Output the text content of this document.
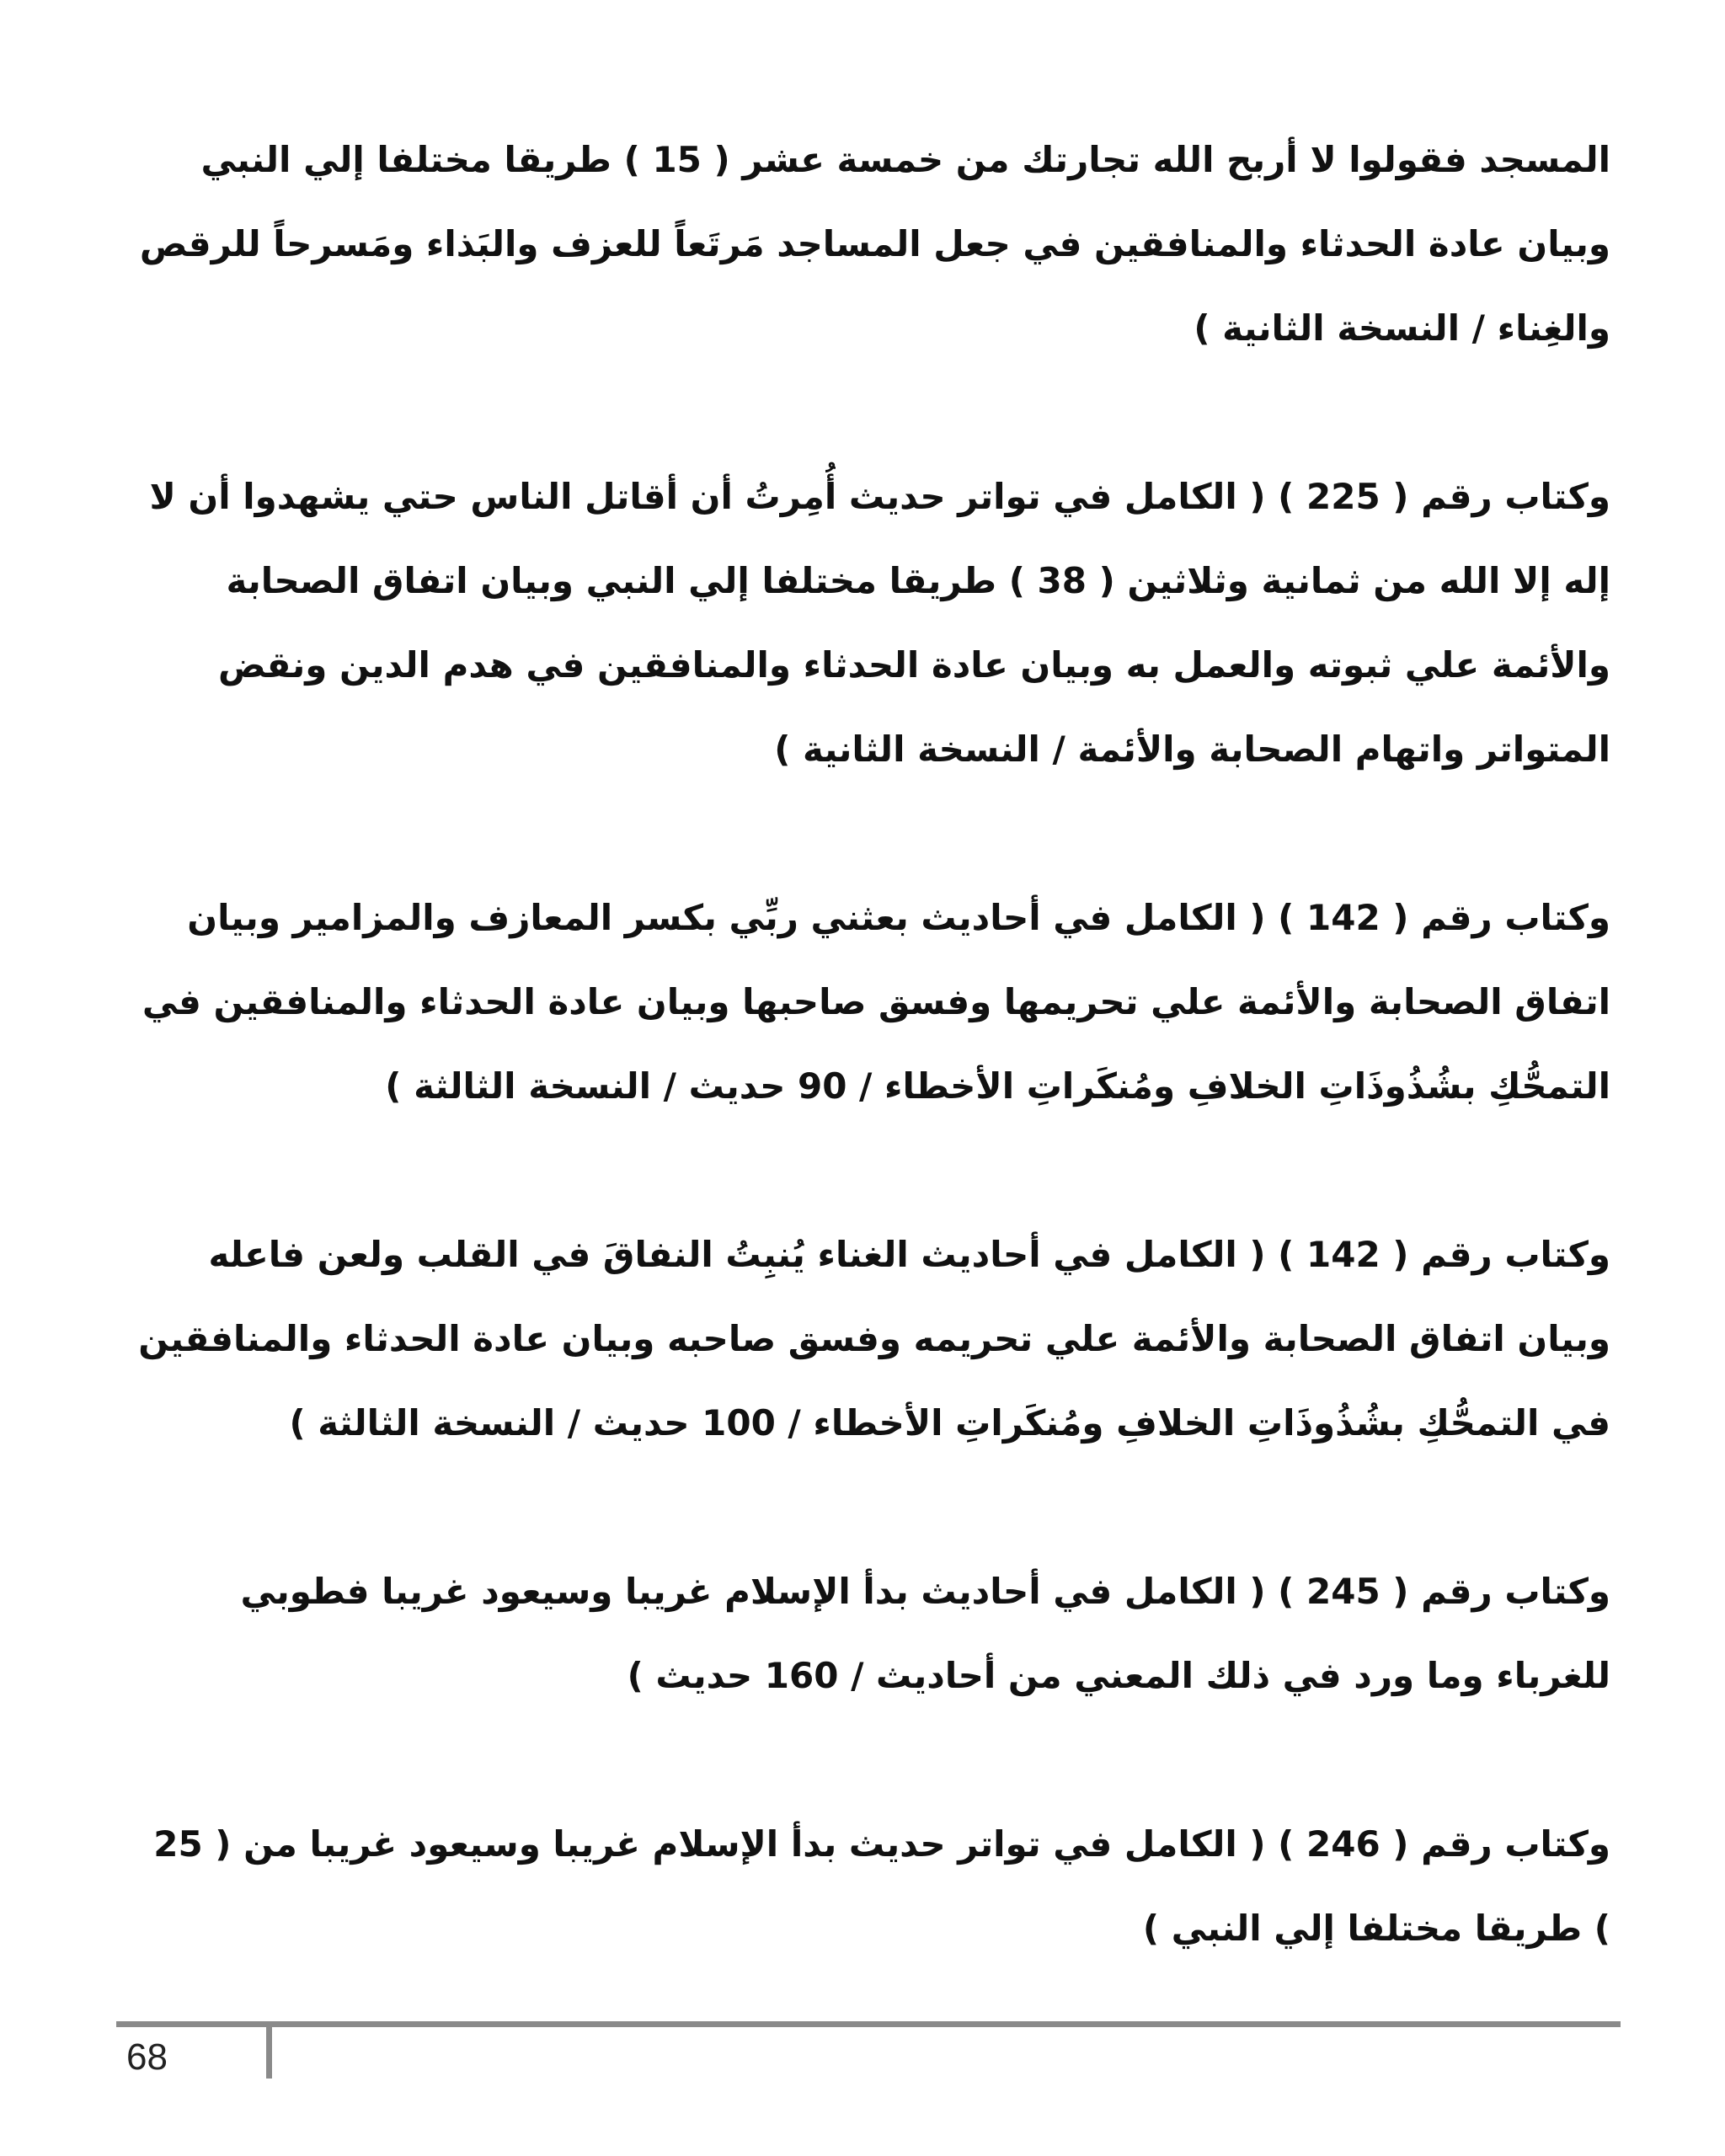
المسجد فقولوا لا أربح الله تجارتك من خمسة عشر ( 15 ) طريقا مختلفا إلي النبي وبيان عادة الحدثاء والمنافقين في جعل المساجد مَرتَعاً للعزف والبَذاء ومَسرحاً للرقص والغِناء / النسخة الثانية )

وكتاب رقم ( 225 ) ( الكامل في تواتر حديث أُمِرتُ أن أقاتل الناس حتي يشهدوا أن لا إله إلا الله من ثمانية وثلاثين ( 38 ) طريقا مختلفا إلي النبي وبيان اتفاق الصحابة والأئمة علي ثبوته والعمل به وبيان عادة الحدثاء والمنافقين في هدم الدين ونقض المتواتر واتهام الصحابة والأئمة / النسخة الثانية )

وكتاب رقم ( 142 ) ( الكامل في أحاديث بعثني ربِّي بكسر المعازف والمزامير وبيان اتفاق الصحابة والأئمة علي تحريمها وفسق صاحبها وبيان عادة الحدثاء والمنافقين في التمحُّكِ بشُذُوذَاتِ الخلافِ ومُنكَراتِ الأخطاء / 90 حديث / النسخة الثالثة )

وكتاب رقم ( 142 ) ( الكامل في أحاديث الغناء يُنبِتُ النفاقَ في القلب ولعن فاعله وبيان اتفاق الصحابة والأئمة علي تحريمه وفسق صاحبه وبيان عادة الحدثاء والمنافقين في التمحُّكِ بشُذُوذَاتِ الخلافِ ومُنكَراتِ الأخطاء / 100 حديث / النسخة الثالثة )

وكتاب رقم ( 245 ) ( الكامل في أحاديث بدأ الإسلام غريبا وسيعود غريبا فطوبي للغرباء وما ورد في ذلك المعني من أحاديث / 160 حديث )

وكتاب رقم ( 246 ) ( الكامل في تواتر حديث بدأ الإسلام غريبا وسيعود غريبا من ( 25 ) طريقا مختلفا إلي النبي )

68
